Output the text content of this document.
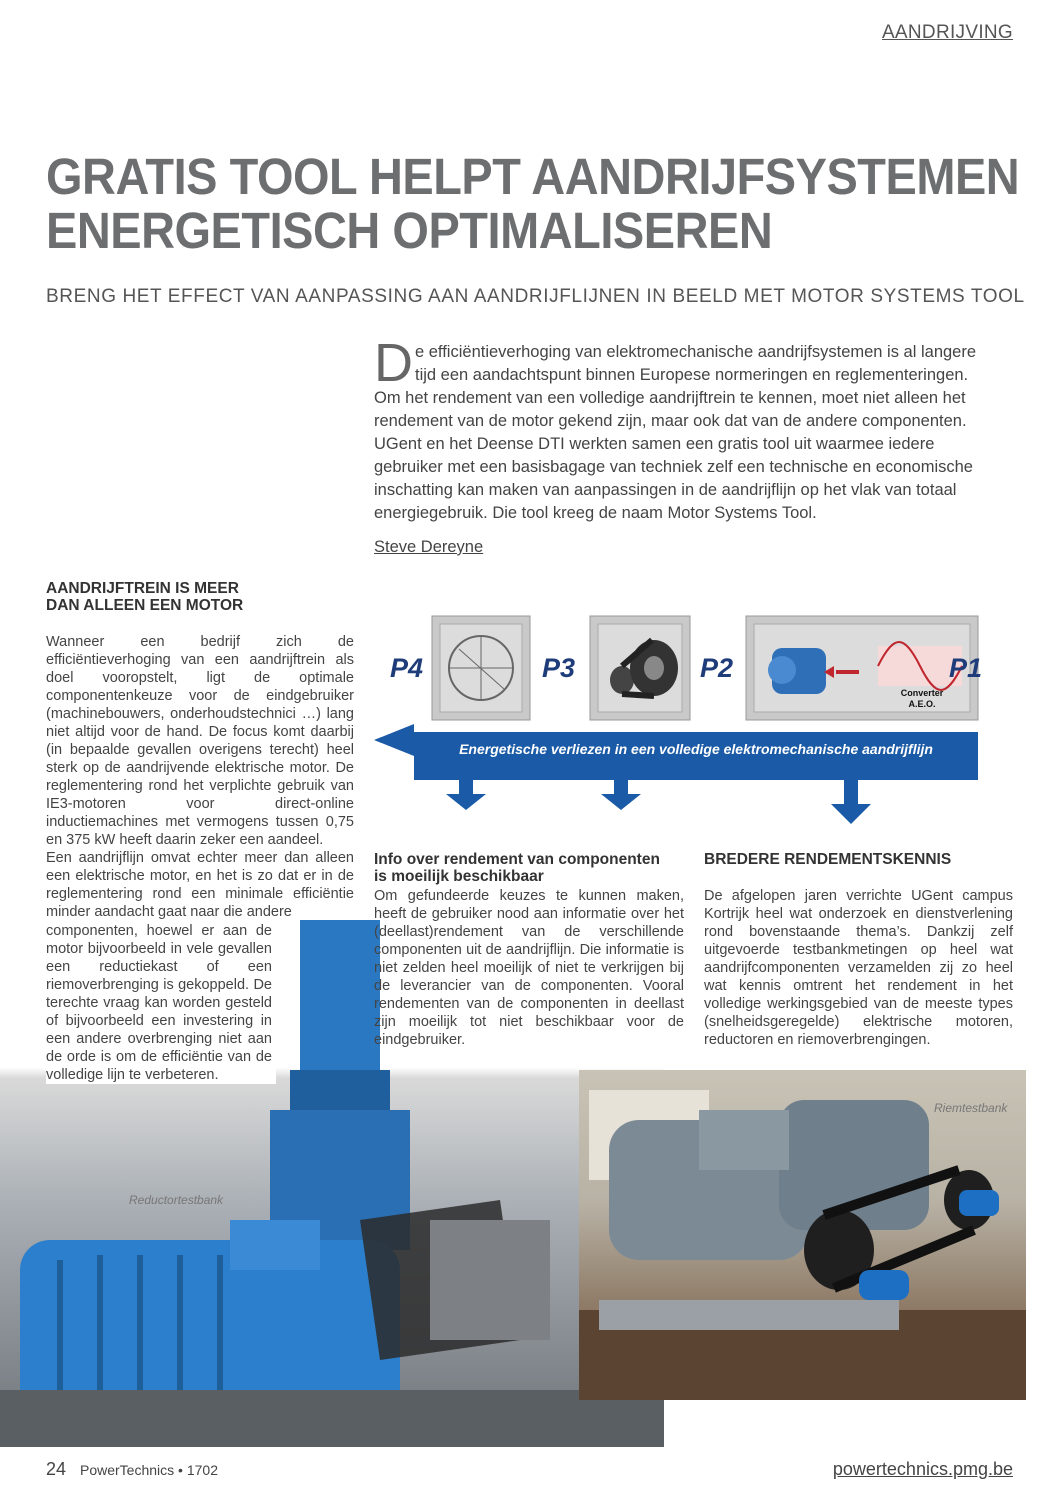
AANDRIJVING
GRATIS TOOL HELPT AANDRIJFSYSTEMEN
ENERGETISCH OPTIMALISEREN
BRENG HET EFFECT VAN AANPASSING AAN AANDRIJFLIJNEN IN BEELD MET MOTOR SYSTEMS TOOL
De efficiëntieverhoging van elektromechanische aandrijfsystemen is al langere tijd een aandachtspunt binnen Europese normeringen en reglementeringen. Om het rendement van een volledige aandrijftrein te kennen, moet niet alleen het rendement van de motor gekend zijn, maar ook dat van de andere componenten. UGent en het Deense DTI werkten samen een gratis tool uit waarmee iedere gebruiker met een basisbagage van techniek zelf een technische en economische inschatting kan maken van aanpassingen in de aandrijflijn op het vlak van totaal energiegebruik. Die tool kreeg de naam Motor Systems Tool.
Steve Dereyne
Reductortestbank
AANDRIJFTREIN IS MEER
DAN ALLEEN EEN MOTOR

Wanneer een bedrijf zich de efficiëntieverhoging van een aandrijftrein als doel vooropstelt, ligt de optimale componentenkeuze voor de eindgebruiker (machinebouwers, onderhoudstechnici …) lang niet altijd voor de hand. De focus komt daarbij (in bepaalde gevallen overigens terecht) heel sterk op de aandrijvende elektrische motor. De reglementering rond het verplichte gebruik van IE3-motoren voor direct-online inductiemachines met vermogens tussen 0,75 en 375 kW heeft daarin zeker een aandeel.

Een aandrijflijn omvat echter meer dan alleen een elektrische motor, en het is zo dat er in de reglementering rond een minimale efficiëntie minder aandacht gaat naar die andere

componenten, hoewel er aan de motor bijvoorbeeld in vele gevallen een reductiekast of een riemoverbrenging is gekoppeld. De terechte vraag kan worden gesteld of bijvoorbeeld een investering in een andere overbrenging niet aan de orde is om de efficiëntie van de volledige lijn te verbeteren.
Converter
A.E.O.
P4	P3	P2	P1
Energetische verliezen in een volledige elektromechanische aandrijflijn
Info over rendement van componenten
is moeilijk beschikbaar
Om gefundeerde keuzes te kunnen maken, heeft de gebruiker nood aan informatie over het (deellast)rendement van de verschillende componenten uit de aandrijflijn. Die informatie is niet zelden heel moeilijk of niet te verkrijgen bij de leverancier van de componenten. Vooral rendementen van de componenten in deellast zijn moeilijk tot niet beschikbaar voor de eindgebruiker.
BREDERE RENDEMENTSKENNIS
De afgelopen jaren verrichte UGent campus Kortrijk heel wat onderzoek en dienstverlening rond bovenstaande thema’s. Dankzij zelf uitgevoerde testbankmetingen op heel wat aandrijfcomponenten verzamelden zij zo heel wat kennis omtrent het rendement in het volledige werkingsgebied van de meeste types (snelheidsgeregelde) elektrische motoren, reductoren en riemoverbrengingen.
Riemtestbank
24 PowerTechnics • 1702	powertechnics.pmg.be
